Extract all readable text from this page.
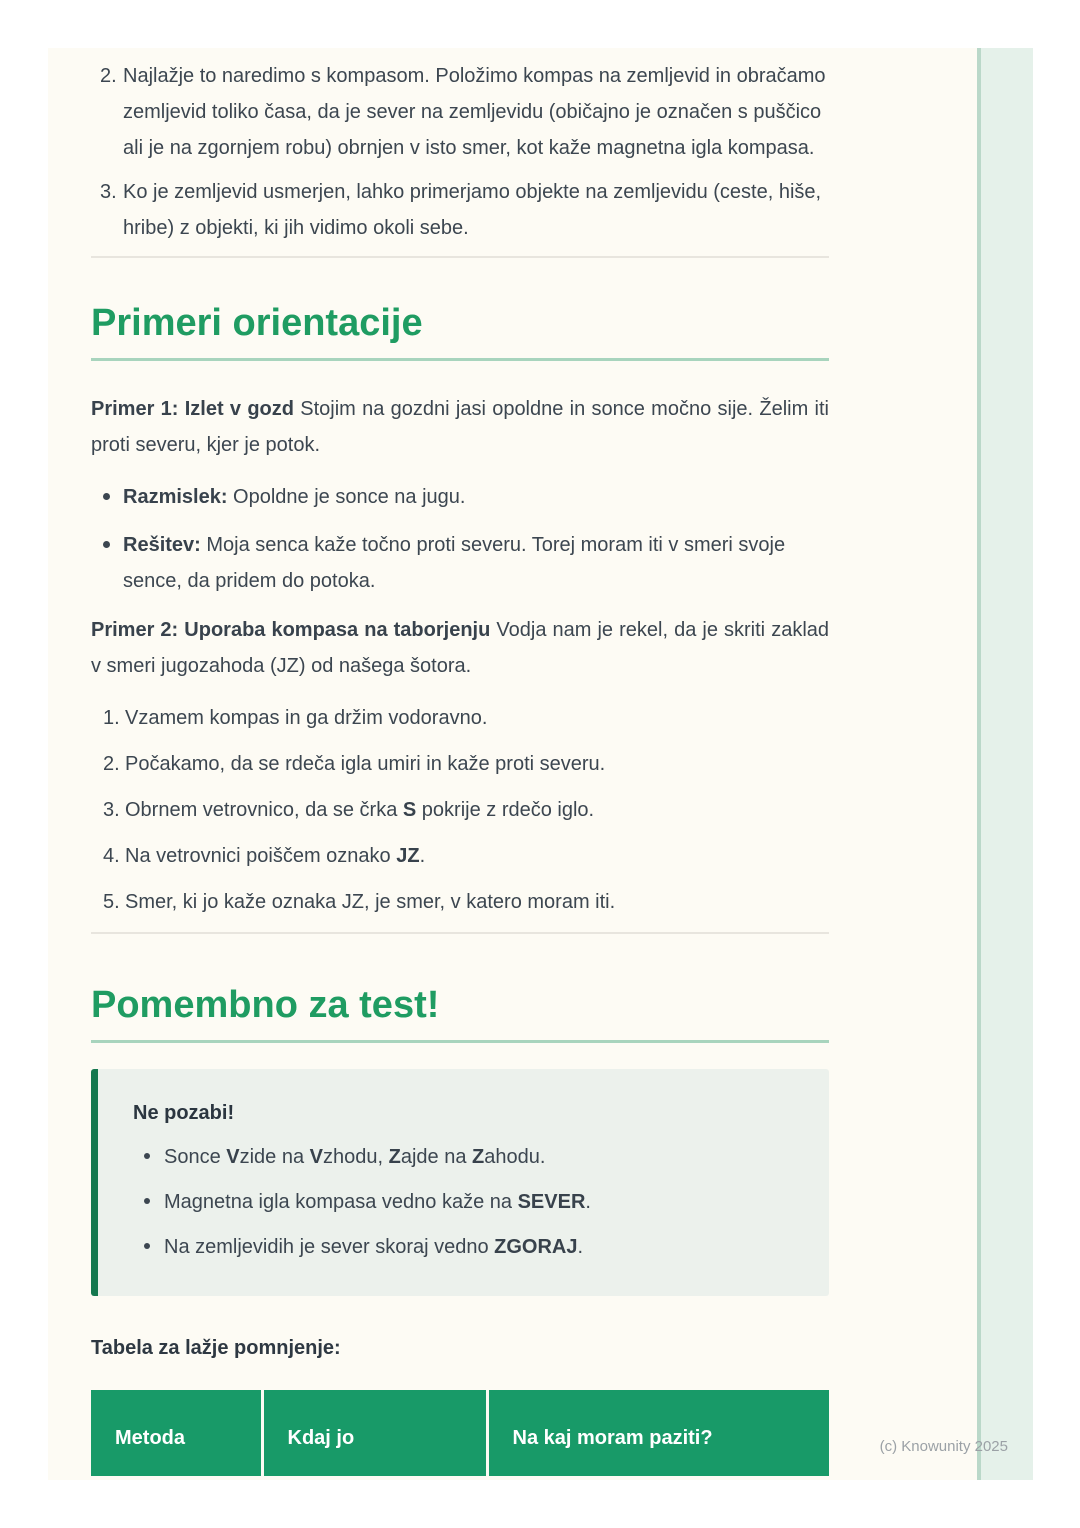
2. Najlažje to naredimo s kompasom. Položimo kompas na zemljevid in obračamo zemljevid toliko časa, da je sever na zemljevidu (običajno je označen s puščico ali je na zgornjem robu) obrnjen v isto smer, kot kaže magnetna igla kompasa.
3. Ko je zemljevid usmerjen, lahko primerjamo objekte na zemljevidu (ceste, hiše, hribe) z objekti, ki jih vidimo okoli sebe.
Primeri orientacije

Primer 1: Izlet v gozd Stojim na gozdni jasi opoldne in sonce močno sije. Želim iti proti severu, kjer je potok.

Razmislek: Opoldne je sonce na jugu.
Rešitev: Moja senca kaže točno proti severu. Torej moram iti v smeri svoje sence, da pridem do potoka.

Primer 2: Uporaba kompasa na taborjenju Vodja nam je rekel, da je skriti zaklad v smeri jugozahoda (JZ) od našega šotora.

1. Vzamem kompas in ga držim vodoravno.
2. Počakamo, da se rdeča igla umiri in kaže proti severu.
3. Obrnem vetrovnico, da se črka S pokrije z rdečo iglo.
4. Na vetrovnici poiščem oznako JZ.
5. Smer, ki jo kaže oznaka JZ, je smer, v katero moram iti.
Pomembno za test!
Ne pozabi!
Sonce Vzide na Vzhodu, Zajde na Zahodu.
Magnetna igla kompasa vedno kaže na SEVER.
Na zemljevidih je sever skoraj vedno ZGORAJ.

Tabela za lažje pomnjenje:

Metoda	Kdaj jo	Na kaj moram paziti?	(c) Knowunity 2025
